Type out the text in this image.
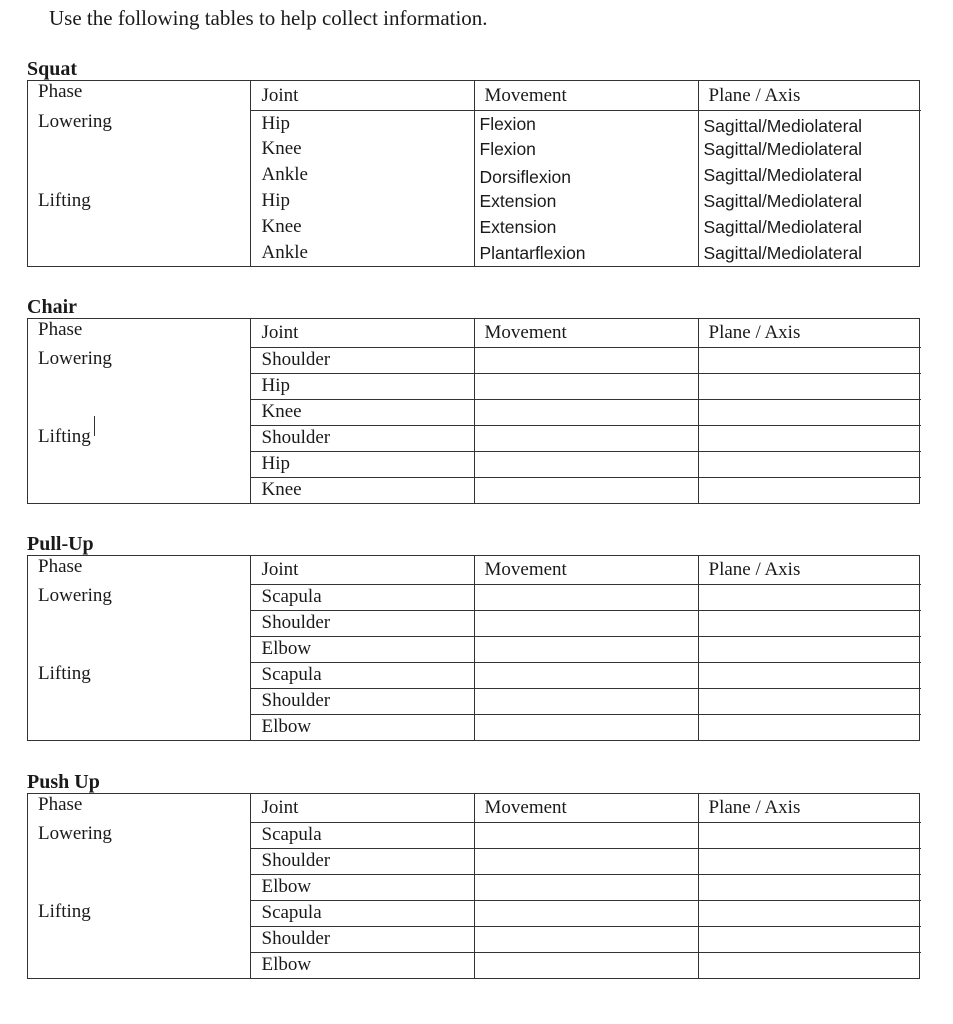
Use the following tables to help collect information.
Squat
Phase	Joint	Movement	Plane / Axis
Lowering	Hip	Flexion	Sagittal/Mediolateral
	Knee	Flexion	Sagittal/Mediolateral
	Ankle	Dorsiflexion	Sagittal/Mediolateral
Lifting	Hip	Extension	Sagittal/Mediolateral
	Knee	Extension	Sagittal/Mediolateral
	Ankle	Plantarflexion	Sagittal/Mediolateral
Chair
Phase	Joint	Movement	Plane / Axis
Lowering	Shoulder		
	Hip		
	Knee		
Lifting	Shoulder		
	Hip		
	Knee		
Pull-Up
Phase	Joint	Movement	Plane / Axis
Lowering	Scapula		
	Shoulder		
	Elbow		
Lifting	Scapula		
	Shoulder		
	Elbow		
Push Up
Phase	Joint	Movement	Plane / Axis
Lowering	Scapula		
	Shoulder		
	Elbow		
Lifting	Scapula		
	Shoulder		
	Elbow		
